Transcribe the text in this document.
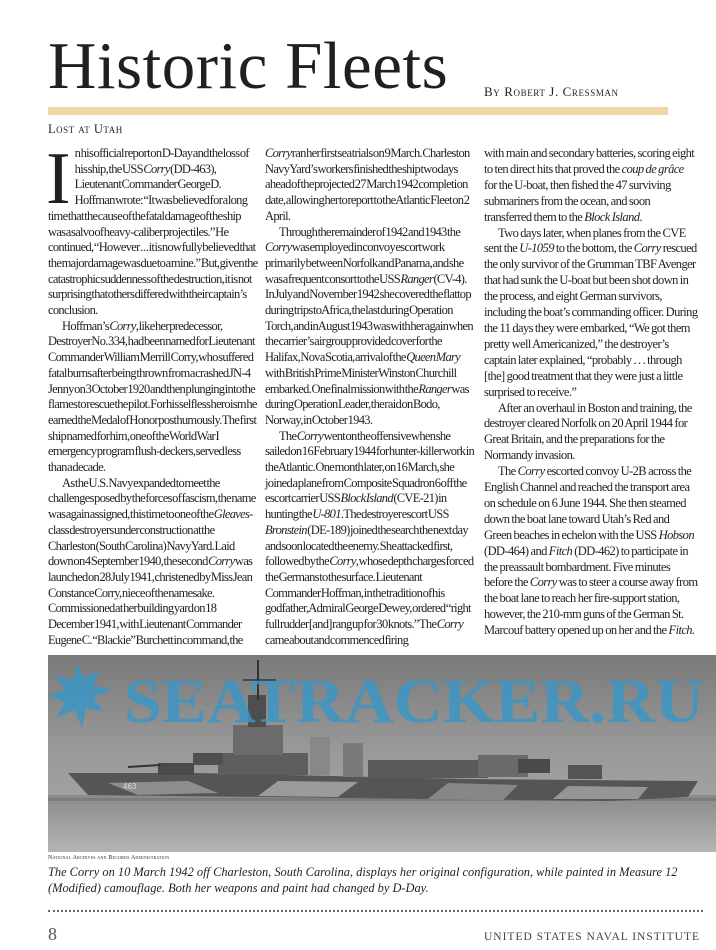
Historic Fleets	By Robert J. Cressman
Lost at Utah
I n his official report on D-Day and the loss of his ship, the USS Corry (DD-463), Lieutenant Commander George D. Hoffman wrote: “It was believed for a long time that the cause of the fatal damage of the ship was a salvo of heavy-caliber projectiles.” He continued, “However . . . it is now fully believed that the major damage was due to a mine.” But, given the catastrophic suddenness of the destruction, it is not surprising that others differed with their captain’s conclusion.

Hoffman’s Corry, like her predecessor, Destroyer No. 334, had been named for Lieutenant Commander William Merrill Corry, who suffered fatal burns after being thrown from a crashed JN-4 Jenny on 3 October 1920 and then plunging into the flames to rescue the pilot. For his selfless heroism he earned the Medal of Honor posthumously. The first ship named for him, one of the World War I emergency program flush-deckers, served less than a decade.

As the U.S. Navy expanded to meet the challenges posed by the forces of fascism, the name was again assigned, this time to one of the Gleaves-class destroyers under construction at the Charleston (South Carolina) Navy Yard. Laid down on 4 September 1940, the second Corry was launched on 28 July 1941, christened by Miss Jean Constance Corry, niece of the namesake. Commissioned at her building yard on 18 December 1941, with Lieutenant Commander Eugene C. “Blackie” Burchett in command, the

Corry ran her first sea trials on 9 March. Charleston Navy Yard’s workers finished the ship two days ahead of the projected 27 March 1942 completion date, allowing her to report to the Atlantic Fleet on 2 April.

Through the remainder of 1942 and 1943 the Corry was employed in convoy escort work primarily between Norfolk and Panama, and she was a frequent consort to the USS Ranger (CV-4). In July and November 1942 she covered the flattop during trips to Africa, the last during Operation Torch, and in August 1943 was with her again when the carrier’s air group provided cover for the Halifax, Nova Scotia, arrival of the Queen Mary with British Prime Minister Winston Churchill embarked. One final mission with the Ranger was during Operation Leader, the raid on Bodo, Norway, in October 1943.

The Corry went on the offensive when she sailed on 16 February 1944 for hunter-killer work in the Atlantic. One month later, on 16 March, she joined a plane from Composite Squadron 6 off the escort carrier USS Block Island (CVE-21) in hunting the U-801. The destroyer escort USS Bronstein (DE-189) joined the search the next day and soon located the enemy. She attacked first, followed by the Corry, whose depth charges forced the Germans to the surface. Lieutenant Commander Hoffman, in the tradition of his godfather, Admiral George Dewey, ordered “right full rudder [and] rang up for 30 knots.” The Corry came about and commenced firing

with main and secondary batteries, scoring eight to ten direct hits that proved the coup de grâce for the U-boat, then fished the 47 surviving submariners from the ocean, and soon transferred them to the Block Island.

Two days later, when planes from the CVE sent the U-1059 to the bottom, the Corry rescued the only survivor of the Grumman TBF Avenger that had sunk the U-boat but been shot down in the process, and eight German survivors, including the boat’s commanding officer. During the 11 days they were embarked, “We got them pretty well Americanized,” the destroyer’s captain later explained, “probably . . . through [the] good treatment that they were just a little surprised to receive.”

After an overhaul in Boston and training, the destroyer cleared Norfolk on 20 April 1944 for Great Britain, and the preparations for the Normandy invasion.

The Corry escorted convoy U-2B across the English Channel and reached the transport area on schedule on 6 June 1944. She then steamed down the boat lane toward Utah’s Red and Green beaches in echelon with the USS Hobson (DD-464) and Fitch (DD-462) to participate in the preassault bombardment. Five minutes before the Corry was to steer a course away from the boat lane to reach her fire-support station, however, the 210-mm guns of the German St. Marcouf battery opened up on her and the Fitch.

463
SEATRACKER.RU
National Archives and Records Administration
The Corry on 10 March 1942 off Charleston, South Carolina, displays her original configuration, while painted in Measure 12 (Modified) camouflage. Both her weapons and paint had changed by D-Day.
8	UNITED STATES NAVAL INSTITUTE
